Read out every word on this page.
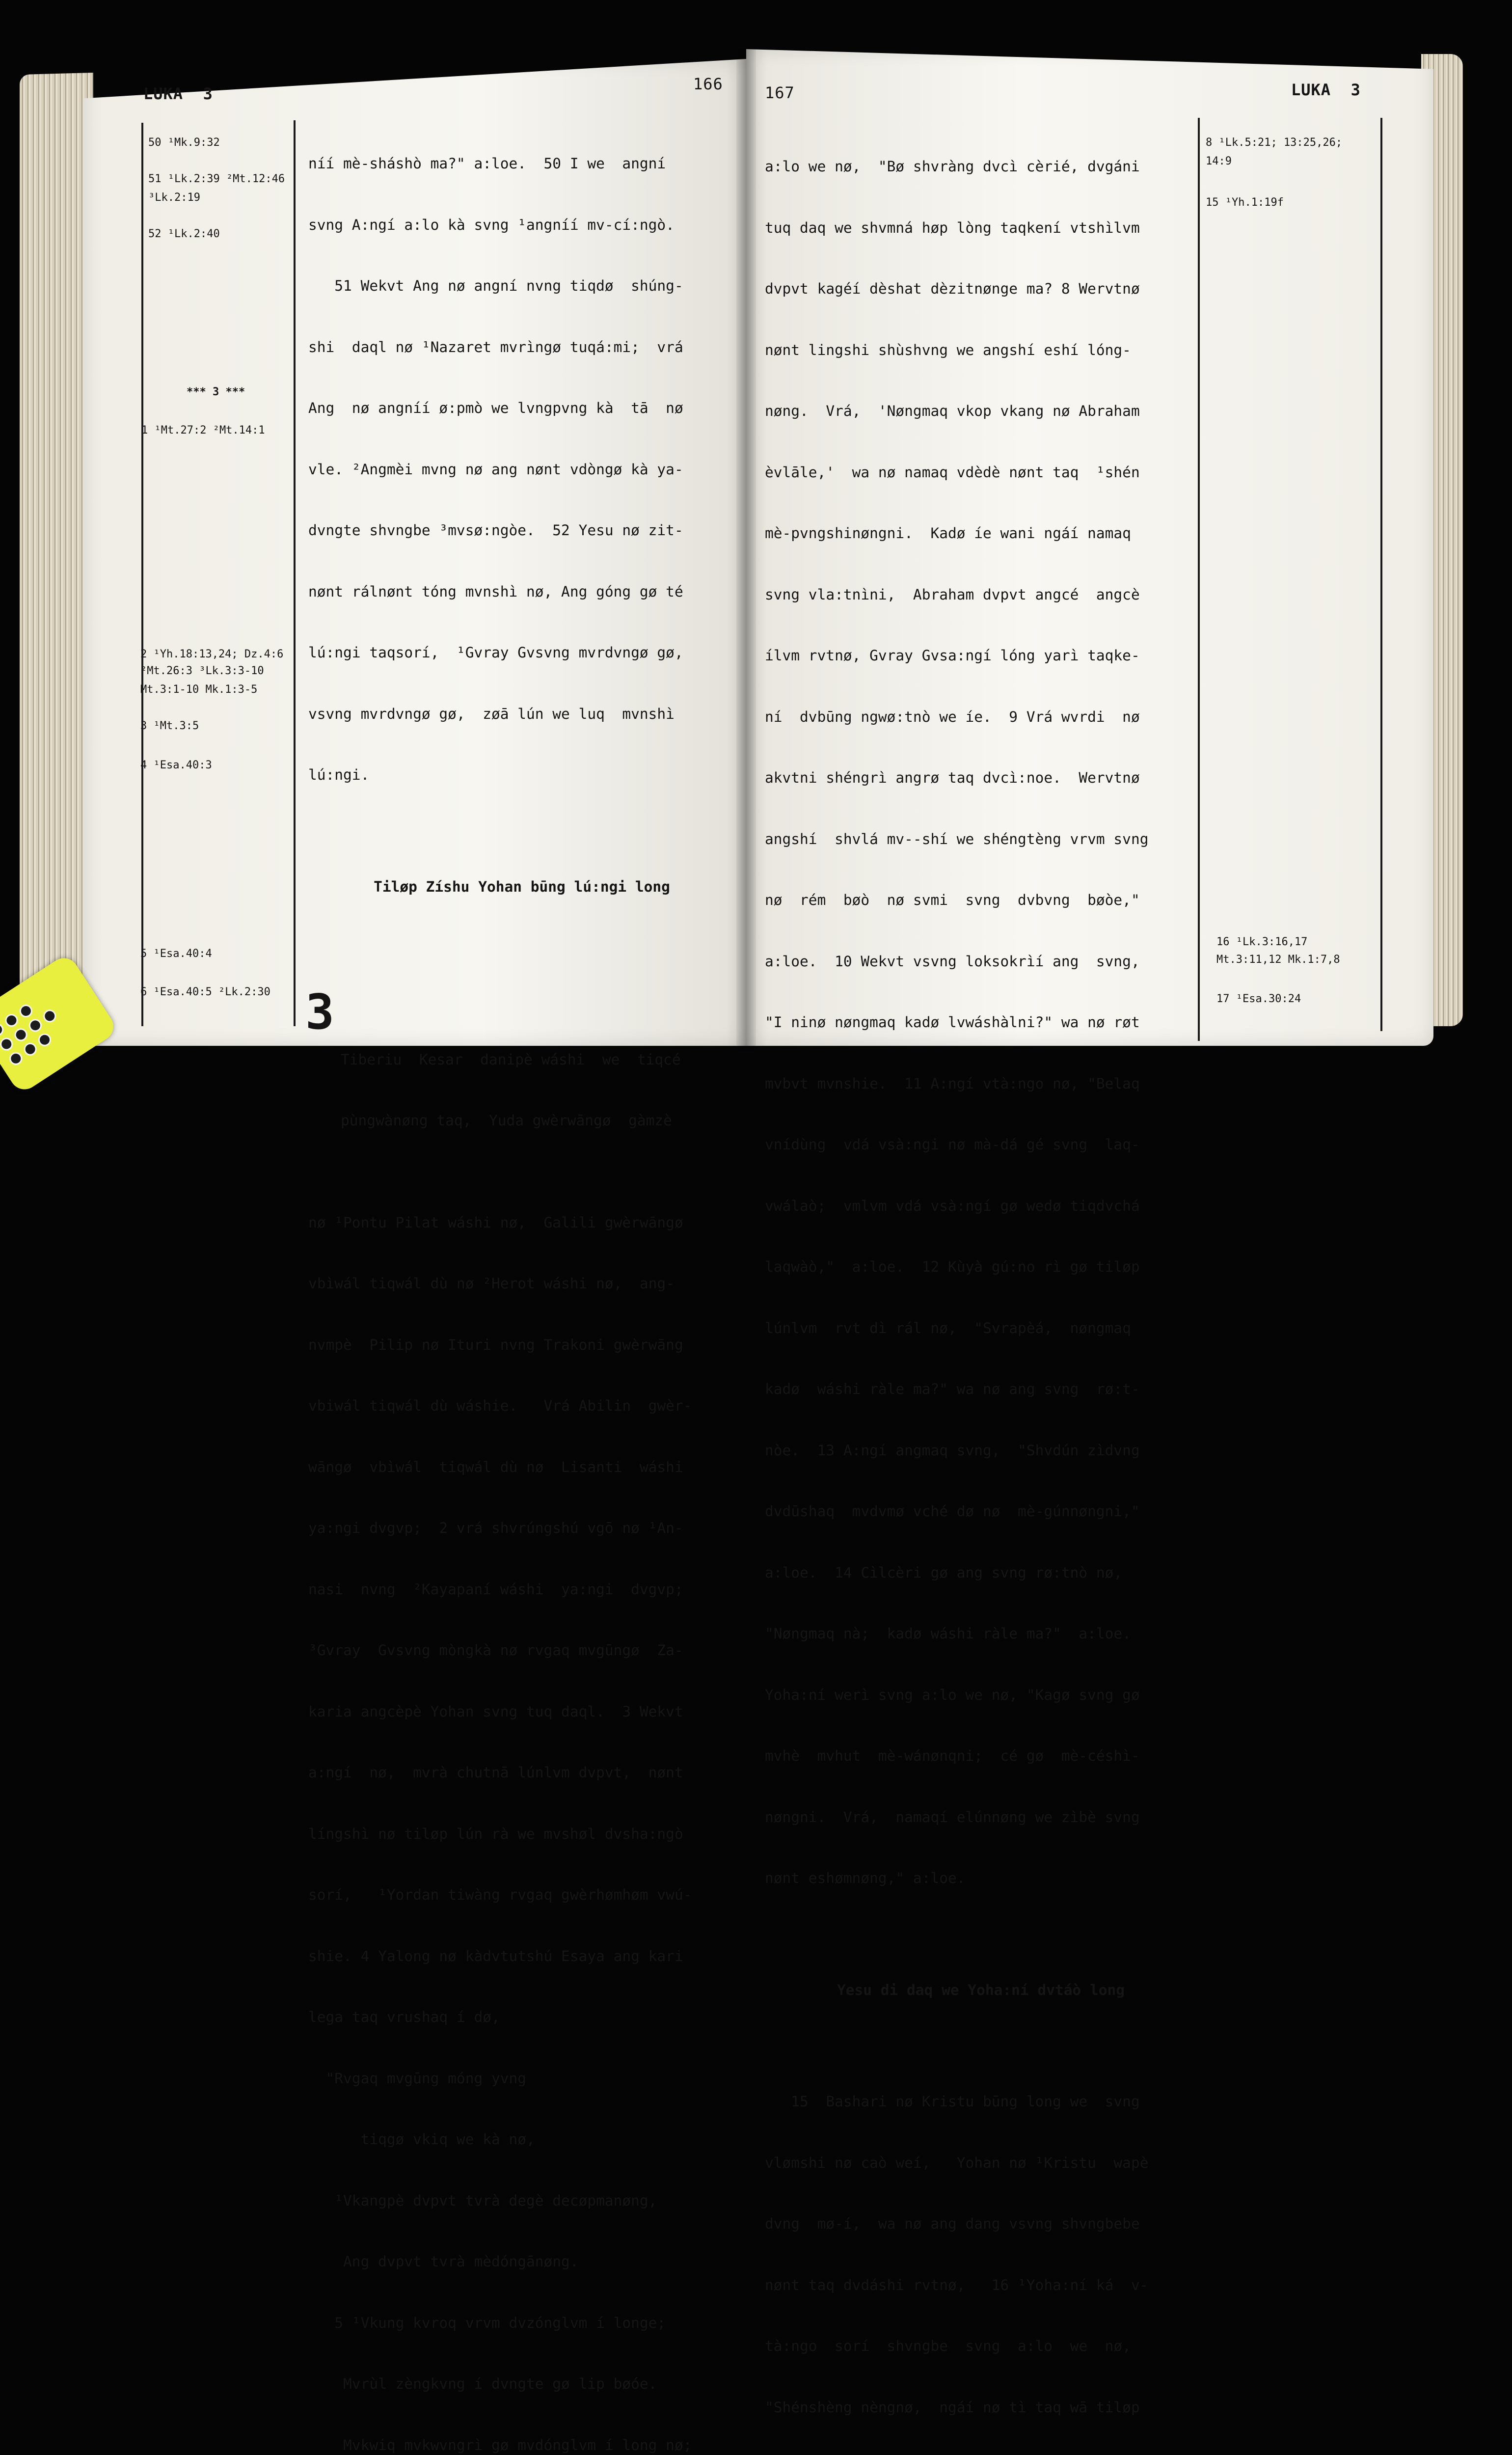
LUKA 3
166
50 ¹Mk.9:32
51 ¹Lk.2:39 ²Mt.12:46
³Lk.2:19
52 ¹Lk.2:40
*** 3 ***
1 ¹Mt.27:2 ²Mt.14:1
2 ¹Yh.18:13,24; Dz.4:6
²Mt.26:3 ³Lk.3:3-10
Mt.3:1-10 Mk.1:3-5
3 ¹Mt.3:5
4 ¹Esa.40:3
5 ¹Esa.40:4
6 ¹Esa.40:5 ²Lk.2:30

níí mè-sháshò ma?" a:loe.  50 I we  angní

svng A:ngí a:lo kà svng ¹angníí mv-cí:ngò.

51 Wekvt Ang nø angní nvng tiqdø  shúng-

shi  daql nø ¹Nazaret mvrìngø tuqá:mi;  vrá

Ang  nø angníí ø:pmò we lvngpvng kà  tā  nø

vle. ²Angmèi mvng nø ang nønt vdòngø kà ya-

dvngte shvngbe ³mvsø:ngòe.  52 Yesu nø zit-

nønt rálnønt tóng mvnshì nø, Ang góng gø té

lú:ngi taqsorí,  ¹Gvray Gvsvng mvrdvngø gø,

vsvng mvrdvngø gø,  zøā lún we luq  mvnshì

lú:ngi.

Tiløp Zíshu Yohan būng lú:ngi long

3

Tiberiu  Kesar  danipè wáshi  we  tiqcé

pùngwànøng taq,  Yuda gwèrwāngø  gàmzè

nø ¹Pontu Pilat wáshi nø,  Galili gwèrwāngø

vbìwál tiqwál dù nø ²Herot wáshi nø,  ang-

nvmpè  Pilip nø Ituri nvng Trakoni gwèrwāng

vbiwál tiqwál dù wáshie.   Vrá Abilin  gwèr-

wāngø  vbìwál  tiqwál dù nø  Lisanti  wáshi

ya:ngi dvgvp;  2 vrá shvrúngshú vgō nø ¹An-

nasi  nvng  ²Kayapaní wáshi  ya:ngi  dvgvp;

³Gvray  Gvsvng mòngkà nø rvgaq mvgūngø  Za-

karia angcèpè Yohan svng tuq daql.  3 Wekvt

a:ngí  nø,  mvrà chutnā lúnlvm dvpvt,  nønt

língshì nø tiløp lún rà we mvshøl dvsha:ngò

sorí,   ¹Yordan tiwàng rvgaq gwèrhømhøm vwú-

shie. 4 Yalong nø kàdvtutshú Esaya ang kari

lega taq vrushaq í dø,

"Rvgaq mvgūng móng yvng

tiqgø vkiq we kà nø,

¹Vkangpè dvpvt tvrà degè decøpmanøng,

Ang dvpvt tvrà mèdóngānøng.

5 ¹Vkung kvroq vrvm dvzónglvm í longe;

Mvrùl zèngkvng í dvngte gø lip bøóe.

Mvkwiq mvkwvngrì gø mvdónglvm í long nø;

167	LUKA 3

a:lo we nø,  "Bø shvràng dvcì cèrié, dvgáni

tuq daq we shvmná høp lòng taqkení vtshìlvm

dvpvt kagéí dèshat dèzitnønge ma? 8 Wervtnø

nønt lingshi shùshvng we angshí eshí lóng-

nøng.  Vrá,  'Nøngmaq vkop vkang nø Abraham

èvlāle,'  wa nø namaq vdèdè nønt taq  ¹shén

mè-pvngshinøngni.  Kadø íe wani ngáí namaq

svng vla:tnìni,  Abraham dvpvt angcé  angcè

ílvm rvtnø, Gvray Gvsa:ngí lóng yarì taqke-

ní  dvbūng ngwø:tnò we íe.  9 Vrá wvrdi  nø

akvtni shéngrì angrø taq dvcì:noe.  Wervtnø

angshí  shvlá mv--shí we shéngtèng vrvm svng

nø  rém  bøò  nø svmi  svng  dvbvng  bøòe,"

a:loe.  10 Wekvt vsvng loksokrìí ang  svng,

"I ninø nøngmaq kadø lvwáshàlni?" wa nø røt

mvbvt mvnshie.  11 A:ngí vtà:ngo nø, "Belaq

vnídùng  vdá vsà:ngi nø mà-dá gé svng  laq-

vwálaò;  vmlvm vdá vsà:ngí gø wedø tiqdvchá

laqwàò,"  a:loe.  12 Kùyà gú:no rì gø tiløp

lúnlvm  rvt dì rál nø,  "Svrapèá,  nøngmaq

kadø  wáshi ràle ma?" wa nø ang svng  rø:t-

nòe.  13 A:ngí angmaq svng,  "Shvdún zìdvng

dvdūshaq  mvdvmø vché dø nø  mè-gúnnøngni,"

a:loe.  14 Cìlcèri gø ang svng rø:tnò nø,

"Nøngmaq nà;  kadø wáshi ràle ma?"  a:loe.

Yoha:ní werì svng a:lo we nø, "Kagø svng gø

mvhè  mvhut  mè-wánønqni;  cé gø  mè-céshì-

nøngni.  Vrá,  namaqí elúnnøng we zìbè svng

nønt eshømnøng," a:loe.

Yesu di daq we Yoha:ní dvtáò long

15  Bashari nø Kristu būng long we  svng

vlømshi nø caò weí,   Yohan nø ¹Kristu  wapè

dvng  mø-í,  wa nø ang dang vsvng shvngbebe

nønt taq dvdáshi rvtnø,   16 ¹Yoha:ní ká  v-

tà:ngo  sorí  shvngbe  svng  a:lo  we  nø,

"Shénshèng nèngnø,  ngáí nø tì taq wā tiløp

8 ¹Lk.5:21; 13:25,26;
14:9
15 ¹Yh.1:19f
16 ¹Lk.3:16,17
Mt.3:11,12 Mk.1:7,8
17 ¹Esa.30:24
